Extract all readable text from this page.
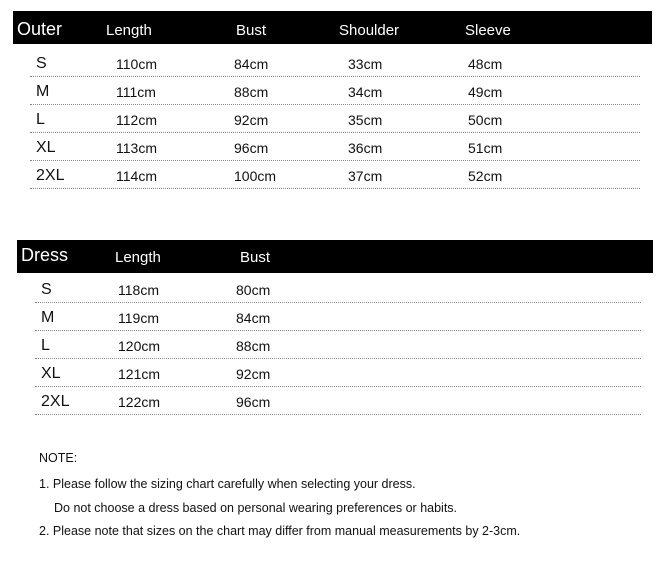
Outer	Length	Bust	Shoulder	Sleeve
S	110cm	84cm	33cm	48cm
M	111cm	88cm	34cm	49cm
L	112cm	92cm	35cm	50cm
XL	113cm	96cm	36cm	51cm
2XL	114cm	100cm	37cm	52cm
Dress	Length	Bust
S	118cm	80cm
M	119cm	84cm
L	120cm	88cm
XL	121cm	92cm
2XL	122cm	96cm
NOTE:
1. Please follow the sizing chart carefully when selecting your dress.
Do not choose a dress based on personal wearing preferences or habits.
2. Please note that sizes on the chart may differ from manual measurements by 2-3cm.
